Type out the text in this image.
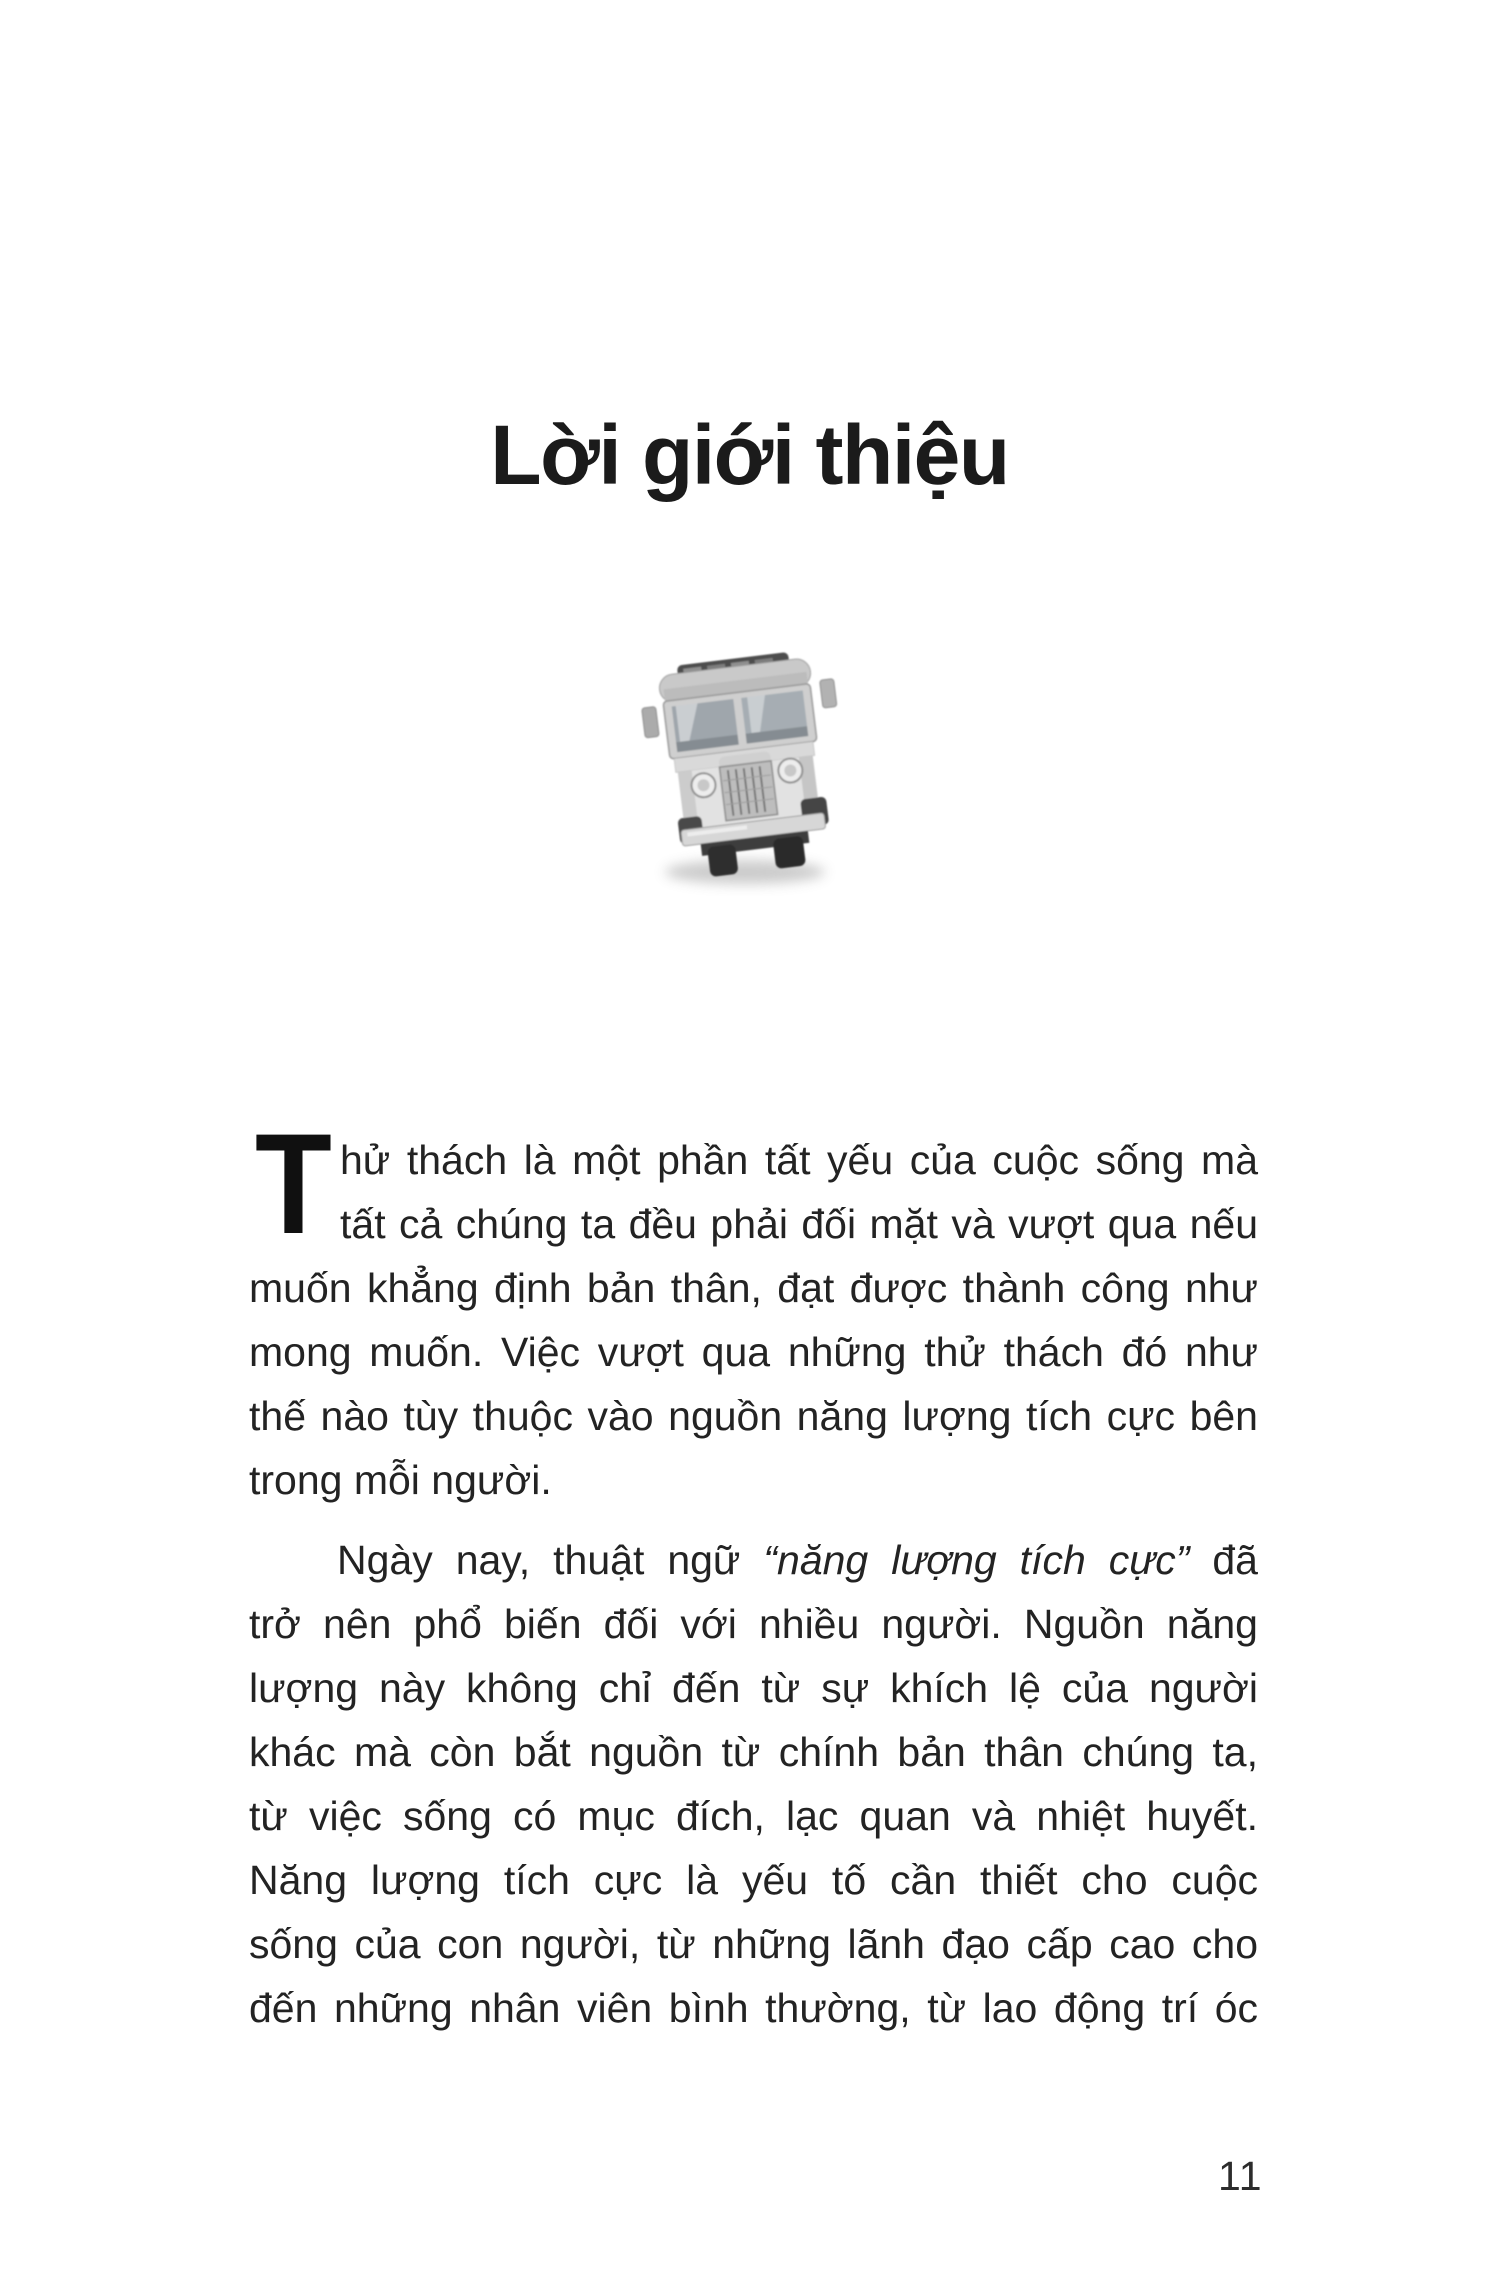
Lời giới thiệu
T hử thách là một phần tất yếu của cuộc sống mà

tất cả chúng ta đều phải đối mặt và vượt qua nếu

muốn khẳng định bản thân, đạt được thành công như

mong muốn. Việc vượt qua những thử thách đó như

thế nào tùy thuộc vào nguồn năng lượng tích cực bên

trong mỗi người.

Ngày nay, thuật ngữ “năng lượng tích cực” đã

trở nên phổ biến đối với nhiều người. Nguồn năng

lượng này không chỉ đến từ sự khích lệ của người

khác mà còn bắt nguồn từ chính bản thân chúng ta,

từ việc sống có mục đích, lạc quan và nhiệt huyết.

Năng lượng tích cực là yếu tố cần thiết cho cuộc

sống của con người, từ những lãnh đạo cấp cao cho

đến những nhân viên bình thường, từ lao động trí óc

11
